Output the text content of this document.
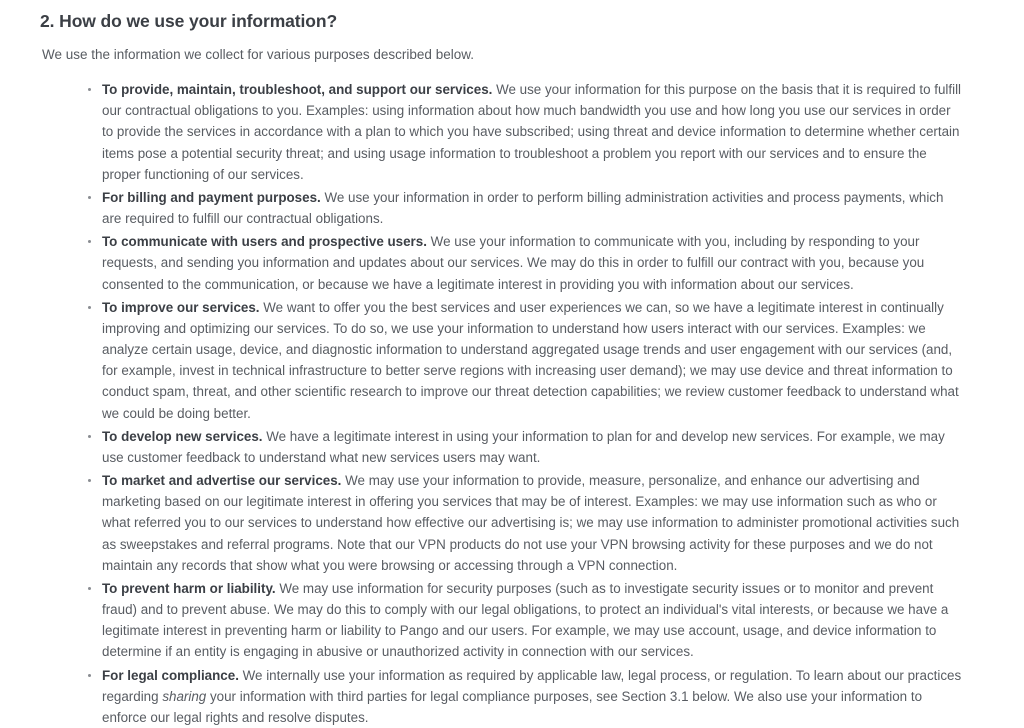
2. How do we use your information?

We use the information we collect for various purposes described below.

To provide, maintain, troubleshoot, and support our services. We use your information for this purpose on the basis that it is required to fulfill our contractual obligations to you. Examples: using information about how much bandwidth you use and how long you use our services in order to provide the services in accordance with a plan to which you have subscribed; using threat and device information to determine whether certain items pose a potential security threat; and using usage information to troubleshoot a problem you report with our services and to ensure the proper functioning of our services.
For billing and payment purposes. We use your information in order to perform billing administration activities and process payments, which are required to fulfill our contractual obligations.
To communicate with users and prospective users. We use your information to communicate with you, including by responding to your requests, and sending you information and updates about our services. We may do this in order to fulfill our contract with you, because you consented to the communication, or because we have a legitimate interest in providing you with information about our services.
To improve our services. We want to offer you the best services and user experiences we can, so we have a legitimate interest in continually improving and optimizing our services. To do so, we use your information to understand how users interact with our services. Examples: we analyze certain usage, device, and diagnostic information to understand aggregated usage trends and user engagement with our services (and, for example, invest in technical infrastructure to better serve regions with increasing user demand); we may use device and threat information to conduct spam, threat, and other scientific research to improve our threat detection capabilities; we review customer feedback to understand what we could be doing better.
To develop new services. We have a legitimate interest in using your information to plan for and develop new services. For example, we may use customer feedback to understand what new services users may want.
To market and advertise our services. We may use your information to provide, measure, personalize, and enhance our advertising and marketing based on our legitimate interest in offering you services that may be of interest. Examples: we may use information such as who or what referred you to our services to understand how effective our advertising is; we may use information to administer promotional activities such as sweepstakes and referral programs. Note that our VPN products do not use your VPN browsing activity for these purposes and we do not maintain any records that show what you were browsing or accessing through a VPN connection.
To prevent harm or liability. We may use information for security purposes (such as to investigate security issues or to monitor and prevent fraud) and to prevent abuse. We may do this to comply with our legal obligations, to protect an individual's vital interests, or because we have a legitimate interest in preventing harm or liability to Pango and our users. For example, we may use account, usage, and device information to determine if an entity is engaging in abusive or unauthorized activity in connection with our services.
For legal compliance. We internally use your information as required by applicable law, legal process, or regulation. To learn about our practices regarding sharing your information with third parties for legal compliance purposes, see Section 3.1 below. We also use your information to enforce our legal rights and resolve disputes.
